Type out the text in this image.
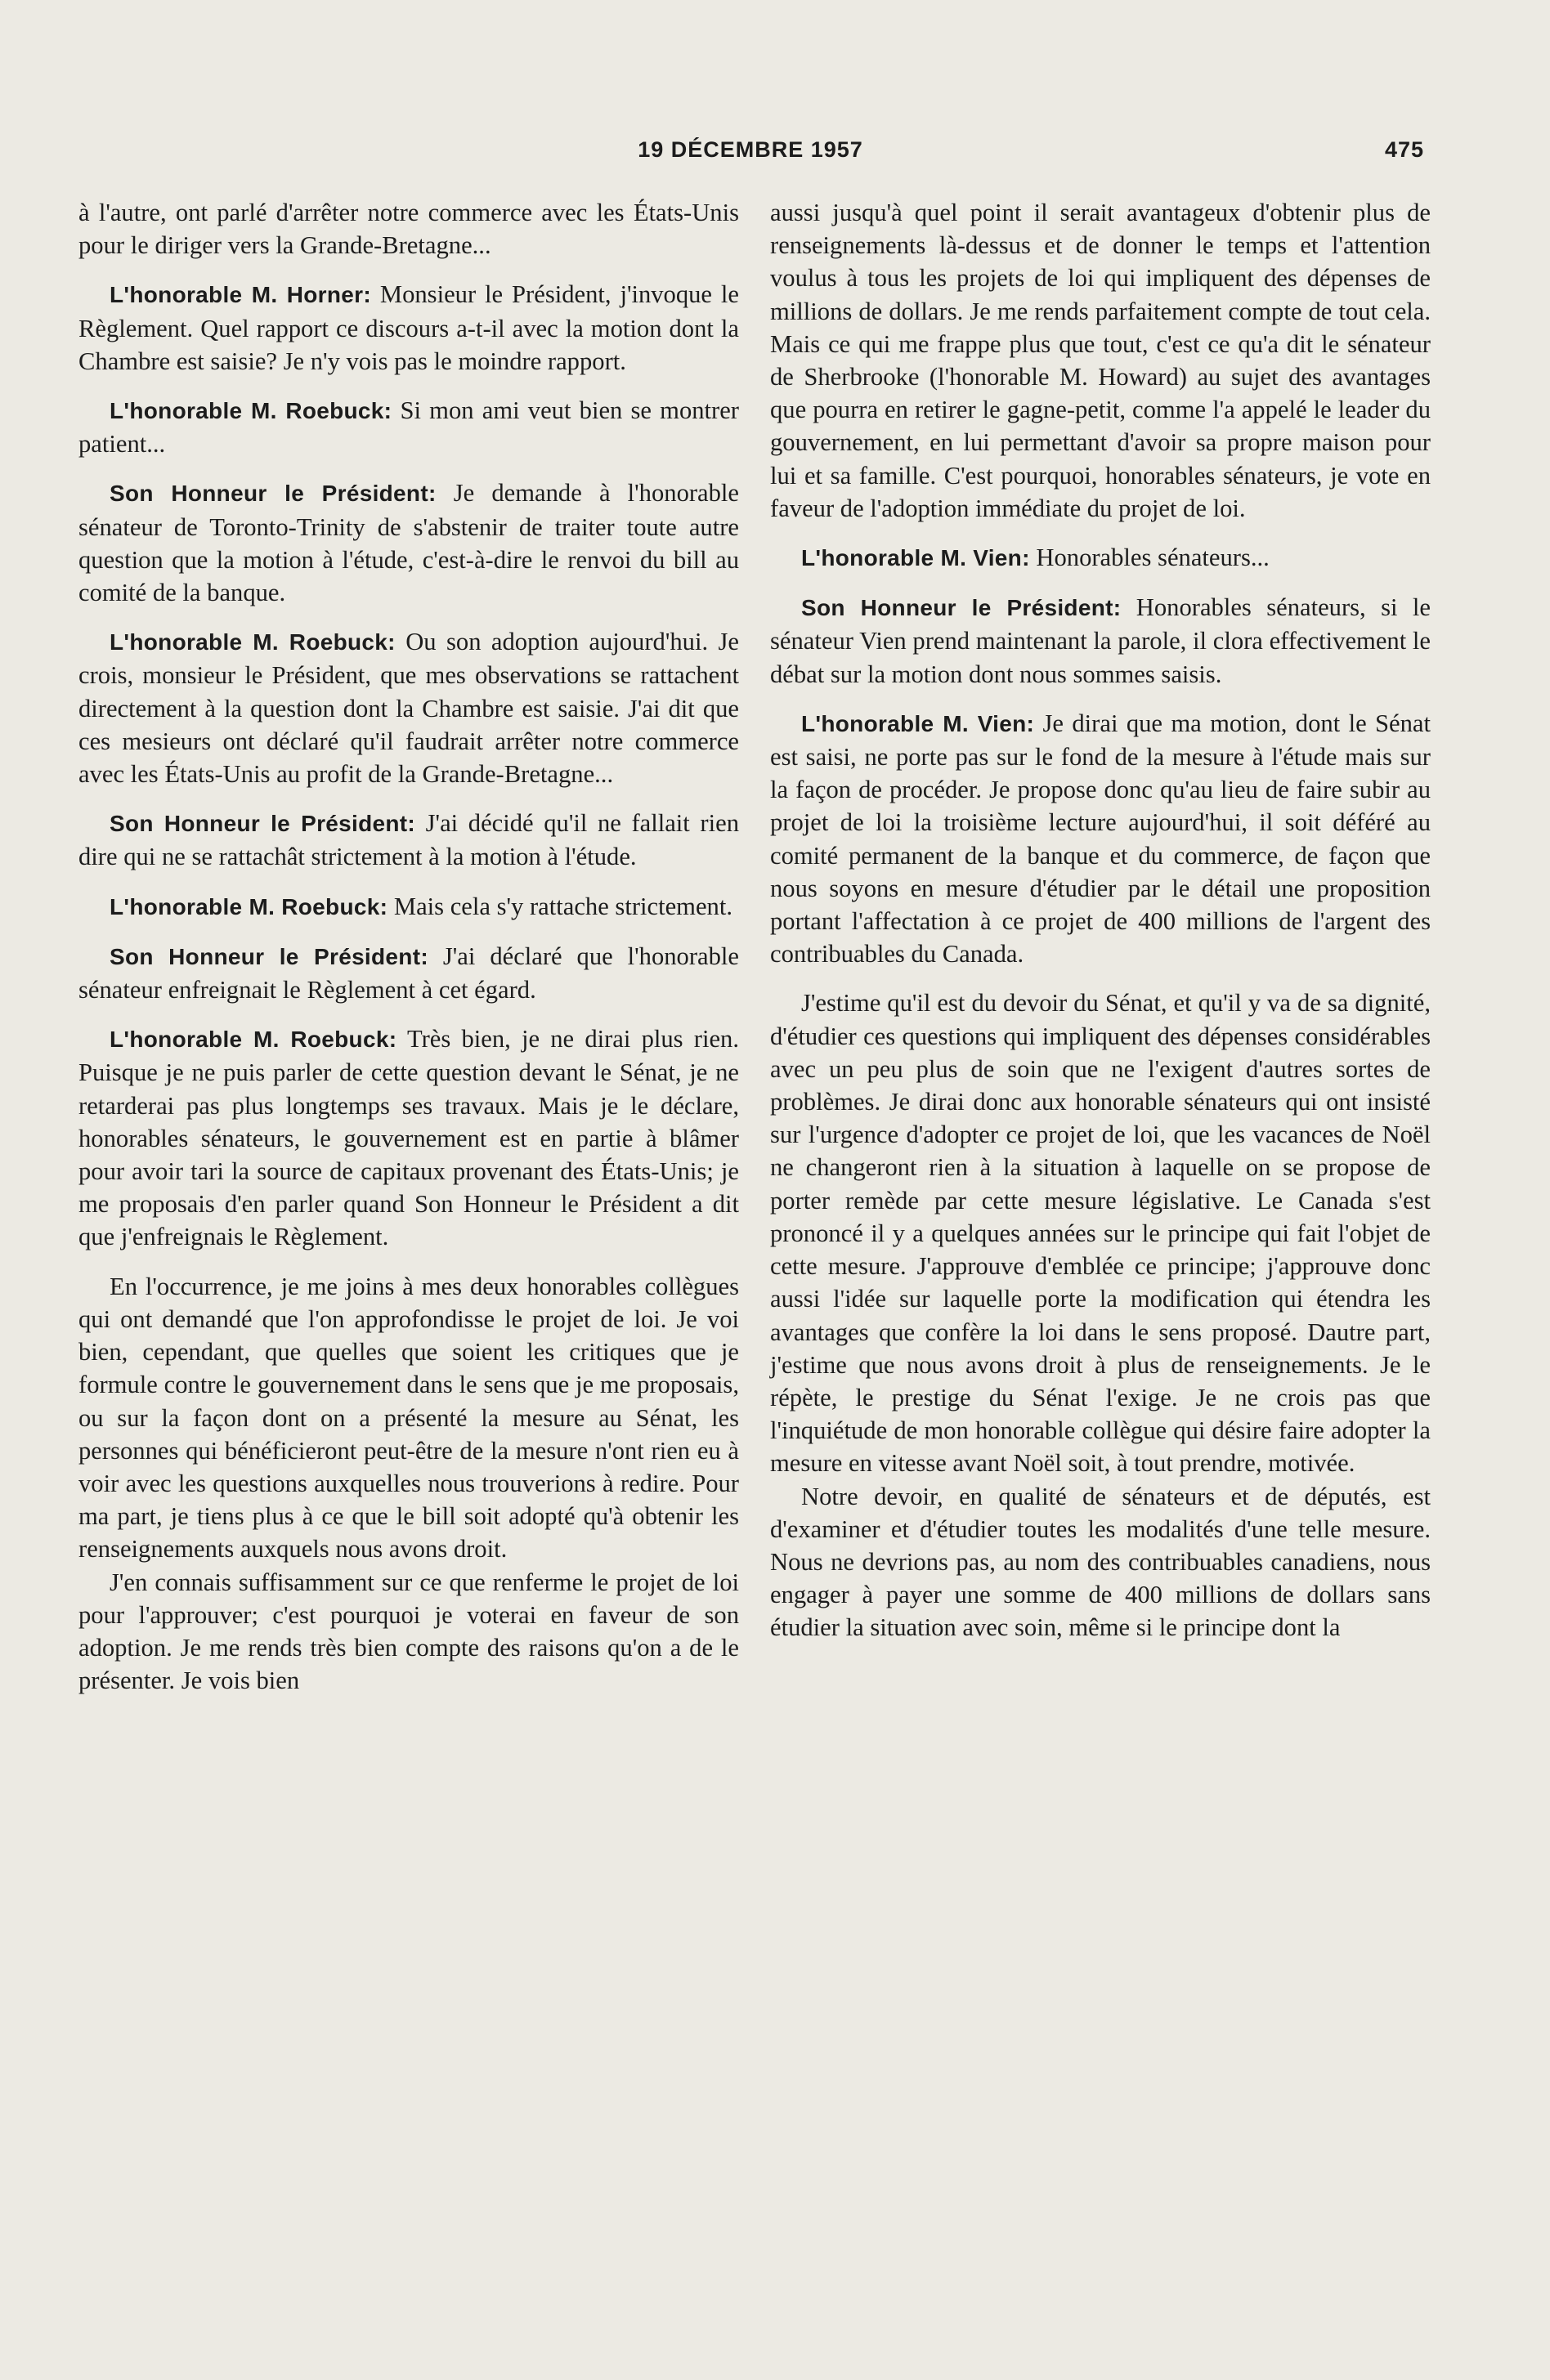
19 DÉCEMBRE 1957	475

à l'autre, ont parlé d'arrêter notre commerce avec les États-Unis pour le diriger vers la Grande-Bretagne...

L'honorable M. Horner: Monsieur le Président, j'invoque le Règlement. Quel rapport ce discours a-t-il avec la motion dont la Chambre est saisie? Je n'y vois pas le moindre rapport.

L'honorable M. Roebuck: Si mon ami veut bien se montrer patient...

Son Honneur le Président: Je demande à l'honorable sénateur de Toronto-Trinity de s'abstenir de traiter toute autre question que la motion à l'étude, c'est-à-dire le renvoi du bill au comité de la banque.

L'honorable M. Roebuck: Ou son adoption aujourd'hui. Je crois, monsieur le Président, que mes observations se rattachent directement à la question dont la Chambre est saisie. J'ai dit que ces mesieurs ont déclaré qu'il faudrait arrêter notre commerce avec les États-Unis au profit de la Grande-Bretagne...

Son Honneur le Président: J'ai décidé qu'il ne fallait rien dire qui ne se rattachât strictement à la motion à l'étude.

L'honorable M. Roebuck: Mais cela s'y rattache strictement.

Son Honneur le Président: J'ai déclaré que l'honorable sénateur enfreignait le Règlement à cet égard.

L'honorable M. Roebuck: Très bien, je ne dirai plus rien. Puisque je ne puis parler de cette question devant le Sénat, je ne retarderai pas plus longtemps ses travaux. Mais je le déclare, honorables sénateurs, le gouvernement est en partie à blâmer pour avoir tari la source de capitaux provenant des États-Unis; je me proposais d'en parler quand Son Honneur le Président a dit que j'enfreignais le Règlement.

En l'occurrence, je me joins à mes deux honorables collègues qui ont demandé que l'on approfondisse le projet de loi. Je voi bien, cependant, que quelles que soient les critiques que je formule contre le gouvernement dans le sens que je me proposais, ou sur la façon dont on a présenté la mesure au Sénat, les personnes qui bénéficieront peut-être de la mesure n'ont rien eu à voir avec les questions auxquelles nous trouverions à redire. Pour ma part, je tiens plus à ce que le bill soit adopté qu'à obtenir les renseignements auxquels nous avons droit.

J'en connais suffisamment sur ce que renferme le projet de loi pour l'approuver; c'est pourquoi je voterai en faveur de son adoption. Je me rends très bien compte des raisons qu'on a de le présenter. Je vois bien

aussi jusqu'à quel point il serait avantageux d'obtenir plus de renseignements là-dessus et de donner le temps et l'attention voulus à tous les projets de loi qui impliquent des dépenses de millions de dollars. Je me rends parfaitement compte de tout cela. Mais ce qui me frappe plus que tout, c'est ce qu'a dit le sénateur de Sherbrooke (l'honorable M. Howard) au sujet des avantages que pourra en retirer le gagne-petit, comme l'a appelé le leader du gouvernement, en lui permettant d'avoir sa propre maison pour lui et sa famille. C'est pourquoi, honorables sénateurs, je vote en faveur de l'adoption immédiate du projet de loi.

L'honorable M. Vien: Honorables sénateurs...

Son Honneur le Président: Honorables sénateurs, si le sénateur Vien prend maintenant la parole, il clora effectivement le débat sur la motion dont nous sommes saisis.

L'honorable M. Vien: Je dirai que ma motion, dont le Sénat est saisi, ne porte pas sur le fond de la mesure à l'étude mais sur la façon de procéder. Je propose donc qu'au lieu de faire subir au projet de loi la troisième lecture aujourd'hui, il soit déféré au comité permanent de la banque et du commerce, de façon que nous soyons en mesure d'étudier par le détail une proposition portant l'affectation à ce projet de 400 millions de l'argent des contribuables du Canada.

J'estime qu'il est du devoir du Sénat, et qu'il y va de sa dignité, d'étudier ces questions qui impliquent des dépenses considérables avec un peu plus de soin que ne l'exigent d'autres sortes de problèmes. Je dirai donc aux honorable sénateurs qui ont insisté sur l'urgence d'adopter ce projet de loi, que les vacances de Noël ne changeront rien à la situation à laquelle on se propose de porter remède par cette mesure législative. Le Canada s'est prononcé il y a quelques années sur le principe qui fait l'objet de cette mesure. J'approuve d'emblée ce principe; j'approuve donc aussi l'idée sur laquelle porte la modification qui étendra les avantages que confère la loi dans le sens proposé. Dautre part, j'estime que nous avons droit à plus de renseignements. Je le répète, le prestige du Sénat l'exige. Je ne crois pas que l'inquiétude de mon honorable collègue qui désire faire adopter la mesure en vitesse avant Noël soit, à tout prendre, motivée.

Notre devoir, en qualité de sénateurs et de députés, est d'examiner et d'étudier toutes les modalités d'une telle mesure. Nous ne devrions pas, au nom des contribuables canadiens, nous engager à payer une somme de 400 millions de dollars sans étudier la situation avec soin, même si le principe dont la
